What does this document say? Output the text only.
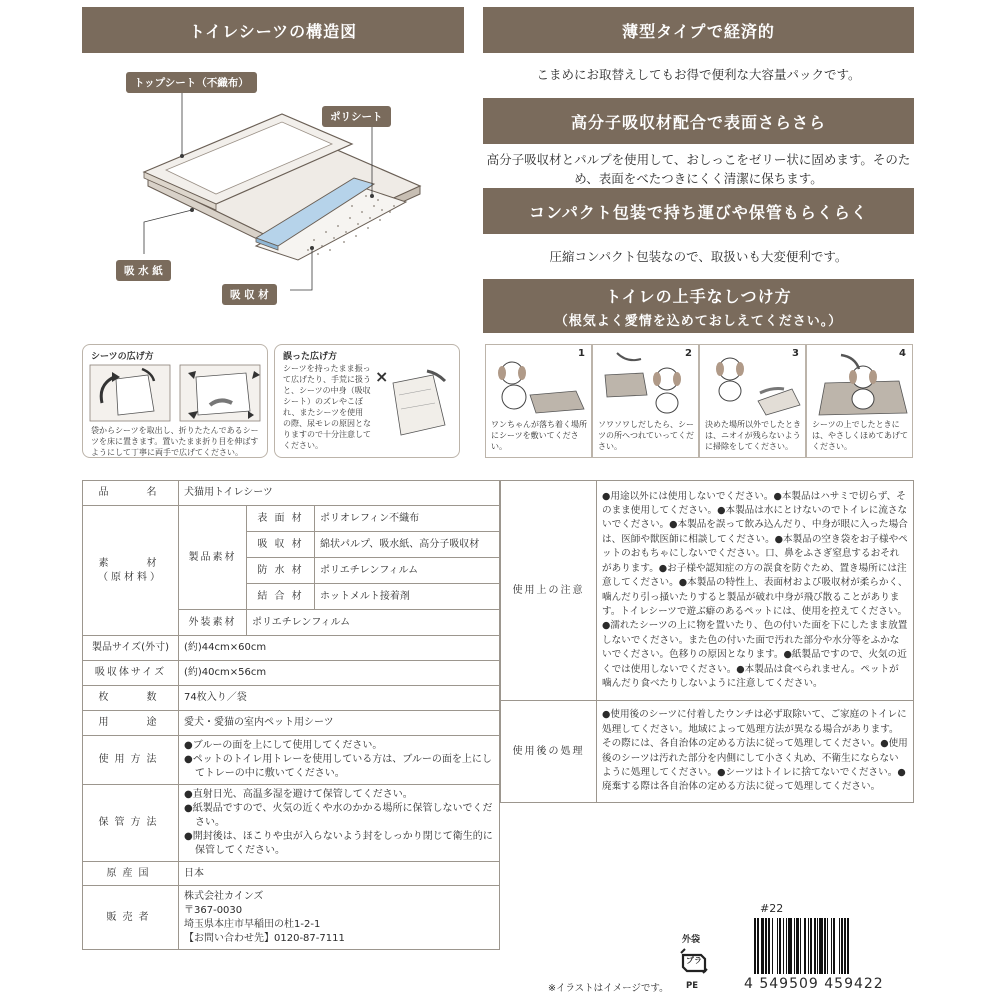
トイレシーツの構造図
トップシート（不織布）
ポリシート
吸 水 紙
吸 収 材
薄型タイプで経済的
こまめにお取替えしてもお得で便利な大容量パックです。
高分子吸収材配合で表面さらさら
高分子吸収材とパルプを使用して、おしっこをゼリー状に固めます。そのため、表面をべたつきにくく清潔に保ちます。
コンパクト包装で持ち運びや保管もらくらく
圧縮コンパクト包装なので、取扱いも大変便利です。
トイレの上手なしつけ方
（根気よく愛情を込めておしえてください。）
シーツの広げ方
袋からシーツを取出し、折りたたんであるシーツを床に置きます。置いたまま折り目を伸ばすようにして丁寧に両手で広げてください。
誤った広げ方
シーツを持ったまま振って広げたり、手荒に扱うと、シーツの中身（吸収シート）のズレやこぼれ、またシーツを使用の際、尿モレの原因となりますので十分注意してください。
×
1
ワンちゃんが落ち着く場所にシーツを敷いてください。
2
ソワソワしだしたら、シーツの所へつれていってください。
3
決めた場所以外でしたときは、ニオイが残らないように掃除をしてください。
4
シーツの上でしたときには、やさしくほめてあげてください。
品　　名	犬猫用トイレシーツ		

素　　材
（原材料）	製品素材	表 面 材	ポリオレフィン不織布
		吸 収 材	綿状パルプ、吸水紙、高分子吸収材
		防 水 材	ポリエチレンフィルム
		結 合 材	ホットメルト接着剤
	外装素材	ポリエチレンフィルム	
製品サイズ(外寸)	(約)44cm×60cm		
吸収体サイズ	(約)40cm×56cm		
枚　　数	74枚入り／袋		
用　　途	愛犬・愛猫の室内ペット用シーツ		
使用方法	●ブルーの面を上にして使用してください。
●ペットのトイレ用トレーを使用している方は、ブルーの面を上にしてトレーの中に敷いてください。		

保管方法	●直射日光、高温多湿を避けて保管してください。
●紙製品ですので、火気の近くや水のかかる場所に保管しないでください。
●開封後は、ほこりや虫が入らないよう封をしっかり閉じて衛生的に保管してください。		

原産国	日本		
販売者	株式会社カインズ
〒367-0030
埼玉県本庄市早稲田の杜1-2-1
【お問い合わせ先】0120-87-7111		
使用上の注意	●用途以外には使用しないでください。●本製品はハサミで切らず、そのまま使用してください。●本製品は水にとけないのでトイレに流さないでください。●本製品を誤って飲み込んだり、中身が眼に入った場合は、医師や獣医師に相談してください。●本製品の空き袋をお子様やペットのおもちゃにしないでください。口、鼻をふさぎ窒息するおそれがあります。●お子様や認知症の方の誤食を防ぐため、置き場所には注意してください。●本製品の特性上、表面材および吸収材が柔らかく、噛んだり引っ掻いたりすると製品が破れ中身が飛び散ることがあります。トイレシーツで遊ぶ癖のあるペットには、使用を控えてください。●濡れたシーツの上に物を置いたり、色の付いた面を下にしたまま放置しないでください。また色の付いた面で汚れた部分や水分等をふかないでください。色移りの原因となります。●紙製品ですので、火気の近くでは使用しないでください。●本製品は食べられません。ペットが噛んだり食べたりしないように注意してください。
使用後の処理	●使用後のシーツに付着したウンチは必ず取除いて、ご家庭のトイレに処理してください。地域によって処理方法が異なる場合があります。その際には、各自治体の定める方法に従って処理してください。●使用後のシーツは汚れた部分を内側にして小さく丸め、不衛生にならないように処理してください。●シーツはトイレに捨てないでください。●廃棄する際は各自治体の定める方法に従って処理してください。
※イラストはイメージです。
外袋
プラ
PE
#22
4 549509 459422
